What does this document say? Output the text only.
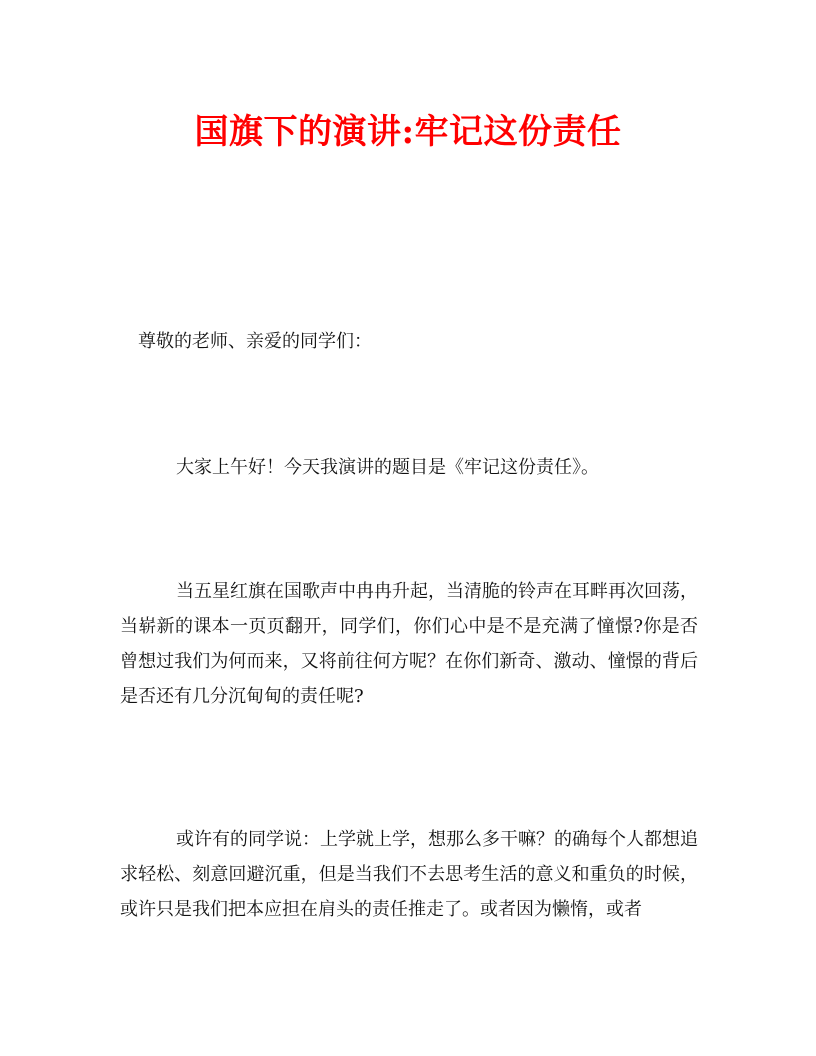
国旗下的演讲:牢记这份责任

尊敬的老师、亲爱的同学们：

大家上午好！今天我演讲的题目是《牢记这份责任》。

当五星红旗在国歌声中冉冉升起，当清脆的铃声在耳畔再次回荡，当崭新的课本一页页翻开，同学们，你们心中是不是充满了憧憬?你是否曾想过我们为何而来，又将前往何方呢？在你们新奇、激动、憧憬的背后是否还有几分沉甸甸的责任呢?

或许有的同学说：上学就上学，想那么多干嘛？的确每个人都想追求轻松、刻意回避沉重，但是当我们不去思考生活的意义和重负的时候，或许只是我们把本应担在肩头的责任推走了。或者因为懒惰，或者
